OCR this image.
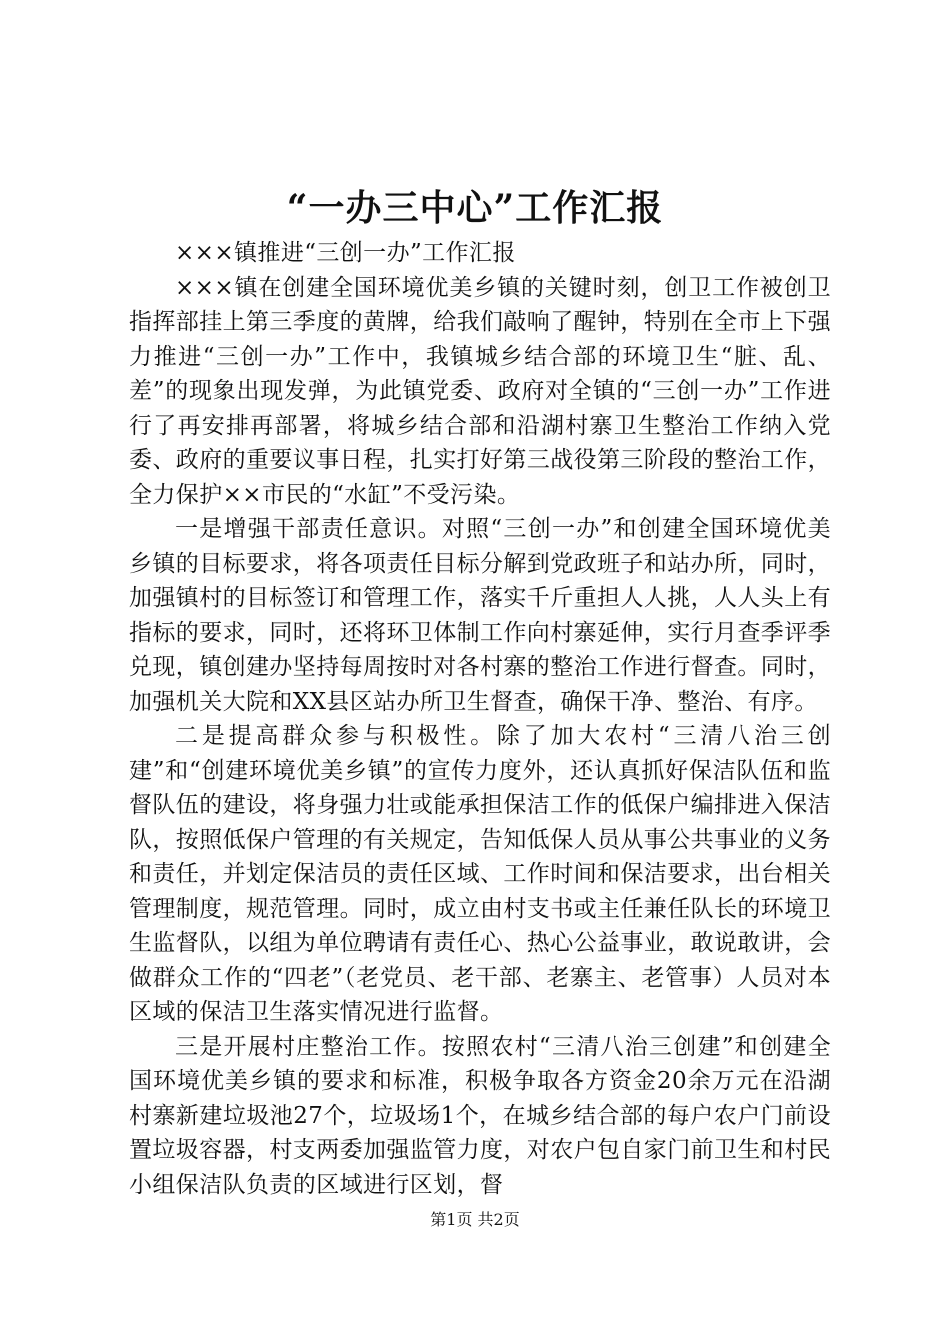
“一办三中心”工作汇报

×××镇推进“三创一办”工作汇报

×××镇在创建全国环境优美乡镇的关键时刻，创卫工作被创卫指挥部挂上第三季度的黄牌，给我们敲响了醒钟，特别在全市上下强力推进“三创一办”工作中，我镇城乡结合部的环境卫生“脏、乱、差”的现象出现发弹，为此镇党委、政府对全镇的“三创一办”工作进行了再安排再部署，将城乡结合部和沿湖村寨卫生整治工作纳入党委、政府的重要议事日程，扎实打好第三战役第三阶段的整治工作，全力保护××市民的“水缸”不受污染。

一是增强干部责任意识。对照“三创一办”和创建全国环境优美乡镇的目标要求，将各项责任目标分解到党政班子和站办所，同时，加强镇村的目标签订和管理工作，落实千斤重担人人挑，人人头上有指标的要求，同时，还将环卫体制工作向村寨延伸，实行月查季评季兑现，镇创建办坚持每周按时对各村寨的整治工作进行督查。同时，加强机关大院和XX县区站办所卫生督查，确保干净、整治、有序。

二是提高群众参与积极性。除了加大农村“三清八治三创建”和“创建环境优美乡镇”的宣传力度外，还认真抓好保洁队伍和监督队伍的建设，将身强力壮或能承担保洁工作的低保户编排进入保洁队，按照低保户管理的有关规定，告知低保人员从事公共事业的义务和责任，并划定保洁员的责任区域、工作时间和保洁要求，出台相关管理制度，规范管理。同时，成立由村支书或主任兼任队长的环境卫生监督队，以组为单位聘请有责任心、热心公益事业，敢说敢讲，会做群众工作的“四老”（老党员、老干部、老寨主、老管事）人员对本区域的保洁卫生落实情况进行监督。

三是开展村庄整治工作。按照农村“三清八治三创建”和创建全国环境优美乡镇的要求和标准，积极争取各方资金20余万元在沿湖村寨新建垃圾池27个，垃圾场1个，在城乡结合部的每户农户门前设置垃圾容器，村支两委加强监管力度，对农户包自家门前卫生和村民小组保洁队负责的区域进行区划，督

第1页 共2页
